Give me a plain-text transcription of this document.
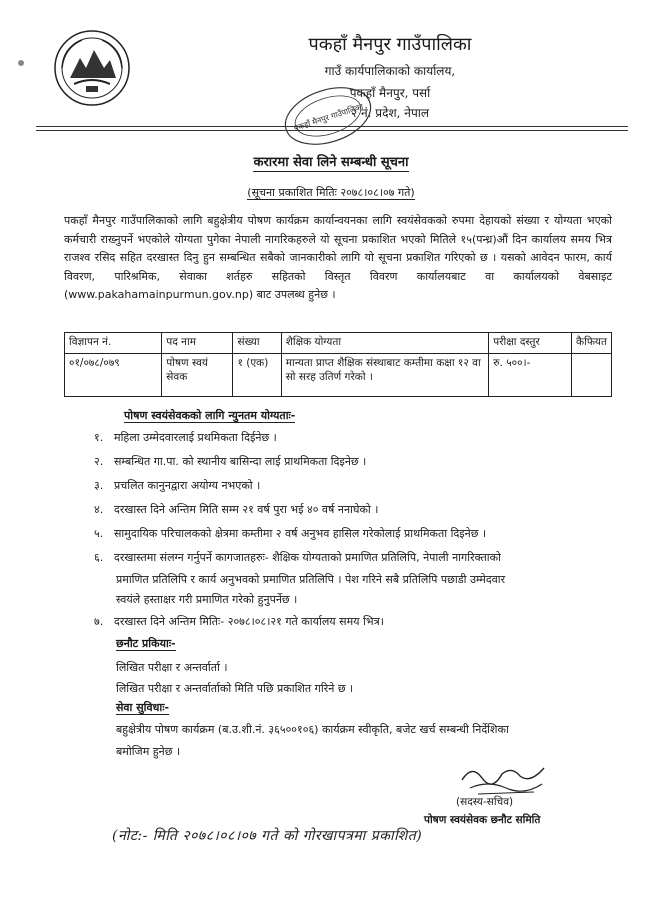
पकहाँ मैनपुर गाउँपालिका
गाउँ कार्यपालिकाको कार्यालय,
पकहाँ मैनपुर, पर्सा
२ नं. प्रदेश, नेपाल
पकहाँ मैनपुर गाउँपालिका
करारमा सेवा लिने सम्बन्धी सूचना
(सूचना प्रकाशित मितिः २०७८।०८।०७ गते)
पकहाँ मैनपुर गाउँपालिकाको लागि बहुक्षेत्रीय पोषण कार्यक्रम कार्यान्वयनका लागि स्वयंसेवकको रुपमा देहायको संख्या र योग्यता भएको कर्मचारी राख्नुपर्ने भएकोले योग्यता पुगेका नेपाली नागरिकहरुले यो सूचना प्रकाशित भएको मितिले १५(पन्ध्र)औं दिन कार्यालय समय भित्र राजश्व रसिद सहित दरखास्त दिनु हुन सम्बन्धित सबैको जानकारीको लागि यो सूचना प्रकाशित गरिएको छ । यसको आवेदन फारम, कार्य विवरण, पारिश्रमिक, सेवाका शर्तहरु सहितको विस्तृत विवरण कार्यालयबाट वा कार्यालयको वेबसाइट (www.pakahamainpurmun.gov.np) बाट उपलब्ध हुनेछ ।
विज्ञापन नं.	पद नाम	संख्या	शैक्षिक योग्यता	परीक्षा दस्तुर	कैफियत
०१/०७८/०७९	पोषण स्वयं सेवक	१ (एक)	मान्यता प्राप्त शैक्षिक संस्थाबाट कम्तीमा कक्षा १२ वा सो सरह उतिर्ण गरेको ।	रु. ५००।-	
पोषण स्वयंसेवकको लागि न्युनतम योग्यताः-
१. महिला उम्मेदवारलाई प्रथमिकता दिईनेछ ।
२. सम्बन्धित गा.पा. को स्थानीय बासिन्दा लाई प्राथमिकता दिइनेछ ।
३. प्रचलित कानुनद्वारा अयोग्य नभएको ।
४. दरखास्त दिने अन्तिम मिति सम्म २१ वर्ष पुरा भई ४० वर्ष ननाघेको ।
५. सामुदायिक परिचालकको क्षेत्रमा कम्तीमा २ वर्ष अनुभव हासिल गरेकोलाई प्राथमिकता दिइनेछ ।
६. दरखास्तमा संलग्न गर्नुपर्ने कागजातहरुः- शैक्षिक योग्यताको प्रमाणित प्रतिलिपि, नेपाली नागरिक्ताको
प्रमाणित प्रतिलिपि र कार्य अनुभवको प्रमाणित प्रतिलिपि । पेश गरिने सबै प्रतिलिपि पछाडी उम्मेदवार
स्वयंले हस्ताक्षर गरी प्रमाणित गरेको हुनुपर्नेछ ।
७. दरखास्त दिने अन्तिम मितिः- २०७८।०८।२१ गते कार्यालय समय भित्र।
छनौट प्रकियाः-
लिखित परीक्षा र अन्तर्वार्ता ।
लिखित परीक्षा र अन्तर्वार्ताको मिति पछि प्रकाशित गरिने छ ।
सेवा सुविधाः-
बहुक्षेत्रीय पोषण कार्यक्रम (ब.उ.शी.नं. ३६५००१०६) कार्यक्रम स्वीकृति, बजेट खर्च सम्बन्धी निर्देशिका
बमोजिम हुनेछ ।
(सदस्य-सचिव)
पोषण स्वयंसेवक छनौट समिति
(नोट:- मिति २०७८।०८।०७ गते को गोरखापत्रमा प्रकाशित)
